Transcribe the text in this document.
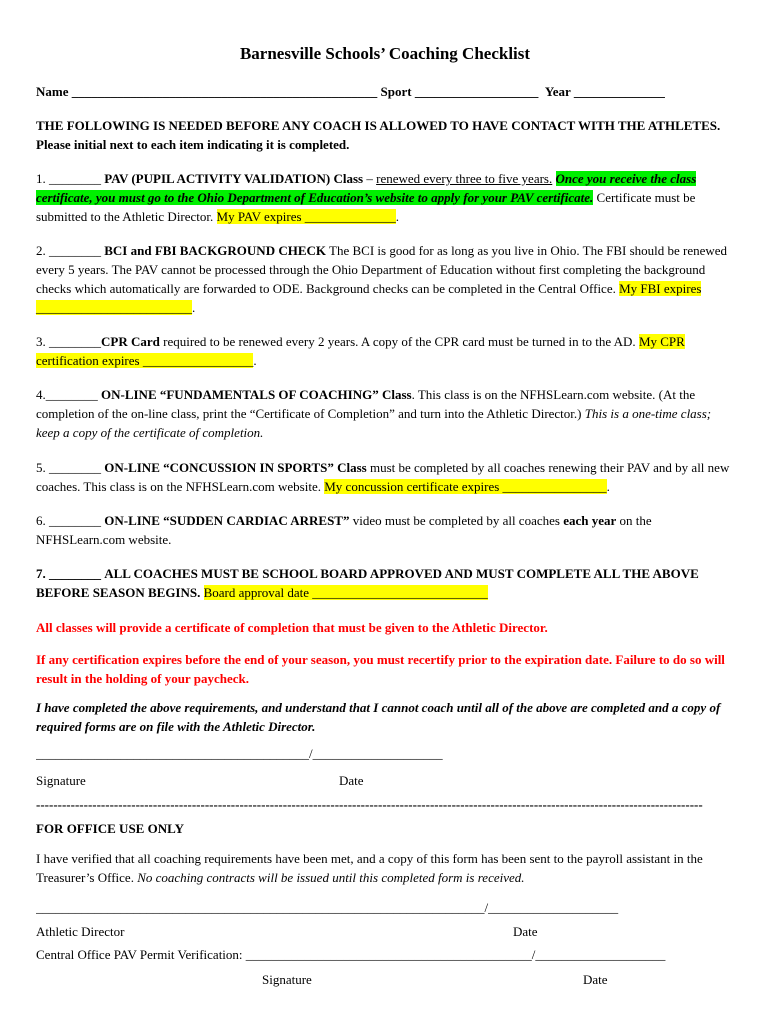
Barnesville Schools’ Coaching Checklist
Name _______________________________________________ Sport ___________________ Year ______________

THE FOLLOWING IS NEEDED BEFORE ANY COACH IS ALLOWED TO HAVE CONTACT WITH THE ATHLETES. Please initial next to each item indicating it is completed.

1. ________ PAV (PUPIL ACTIVITY VALIDATION) Class – renewed every three to five years. Once you receive the class certificate, you must go to the Ohio Department of Education’s website to apply for your PAV certificate. Certificate must be submitted to the Athletic Director. My PAV expires ______________.

2. ________ BCI and FBI BACKGROUND CHECK The BCI is good for as long as you live in Ohio. The FBI should be renewed every 5 years. The PAV cannot be processed through the Ohio Department of Education without first completing the background checks which automatically are forwarded to ODE. Background checks can be completed in the Central Office. My FBI expires ________________________.

3. ________CPR Card required to be renewed every 2 years. A copy of the CPR card must be turned in to the AD. My CPR certification expires _________________.

4.________ ON-LINE “FUNDAMENTALS OF COACHING” Class. This class is on the NFHSLearn.com website. (At the completion of the on-line class, print the “Certificate of Completion” and turn into the Athletic Director.) This is a one-time class; keep a copy of the certificate of completion.

5. ________ ON-LINE “CONCUSSION IN SPORTS” Class must be completed by all coaches renewing their PAV and by all new coaches. This class is on the NFHSLearn.com website. My concussion certificate expires ________________.

6. ________ ON-LINE “SUDDEN CARDIAC ARREST” video must be completed by all coaches each year on the NFHSLearn.com website.

7. ________ ALL COACHES MUST BE SCHOOL BOARD APPROVED AND MUST COMPLETE ALL THE ABOVE BEFORE SEASON BEGINS. Board approval date ___________________________

All classes will provide a certificate of completion that must be given to the Athletic Director.

If any certification expires before the end of your season, you must recertify prior to the expiration date. Failure to do so will result in the holding of your paycheck.

I have completed the above requirements, and understand that I cannot coach until all of the above are completed and a copy of required forms are on file with the Athletic Director.

__________________________________________/____________________
Signature	Date
----------------------------------------------------------------------------------------------------------------------------------------------------------
FOR OFFICE USE ONLY

I have verified that all coaching requirements have been met, and a copy of this form has been sent to the payroll assistant in the Treasurer’s Office. No coaching contracts will be issued until this completed form is received.

_____________________________________________________________________/____________________
Athletic Director	Date
Central Office PAV Permit Verification: ____________________________________________/____________________
Signature	Date
